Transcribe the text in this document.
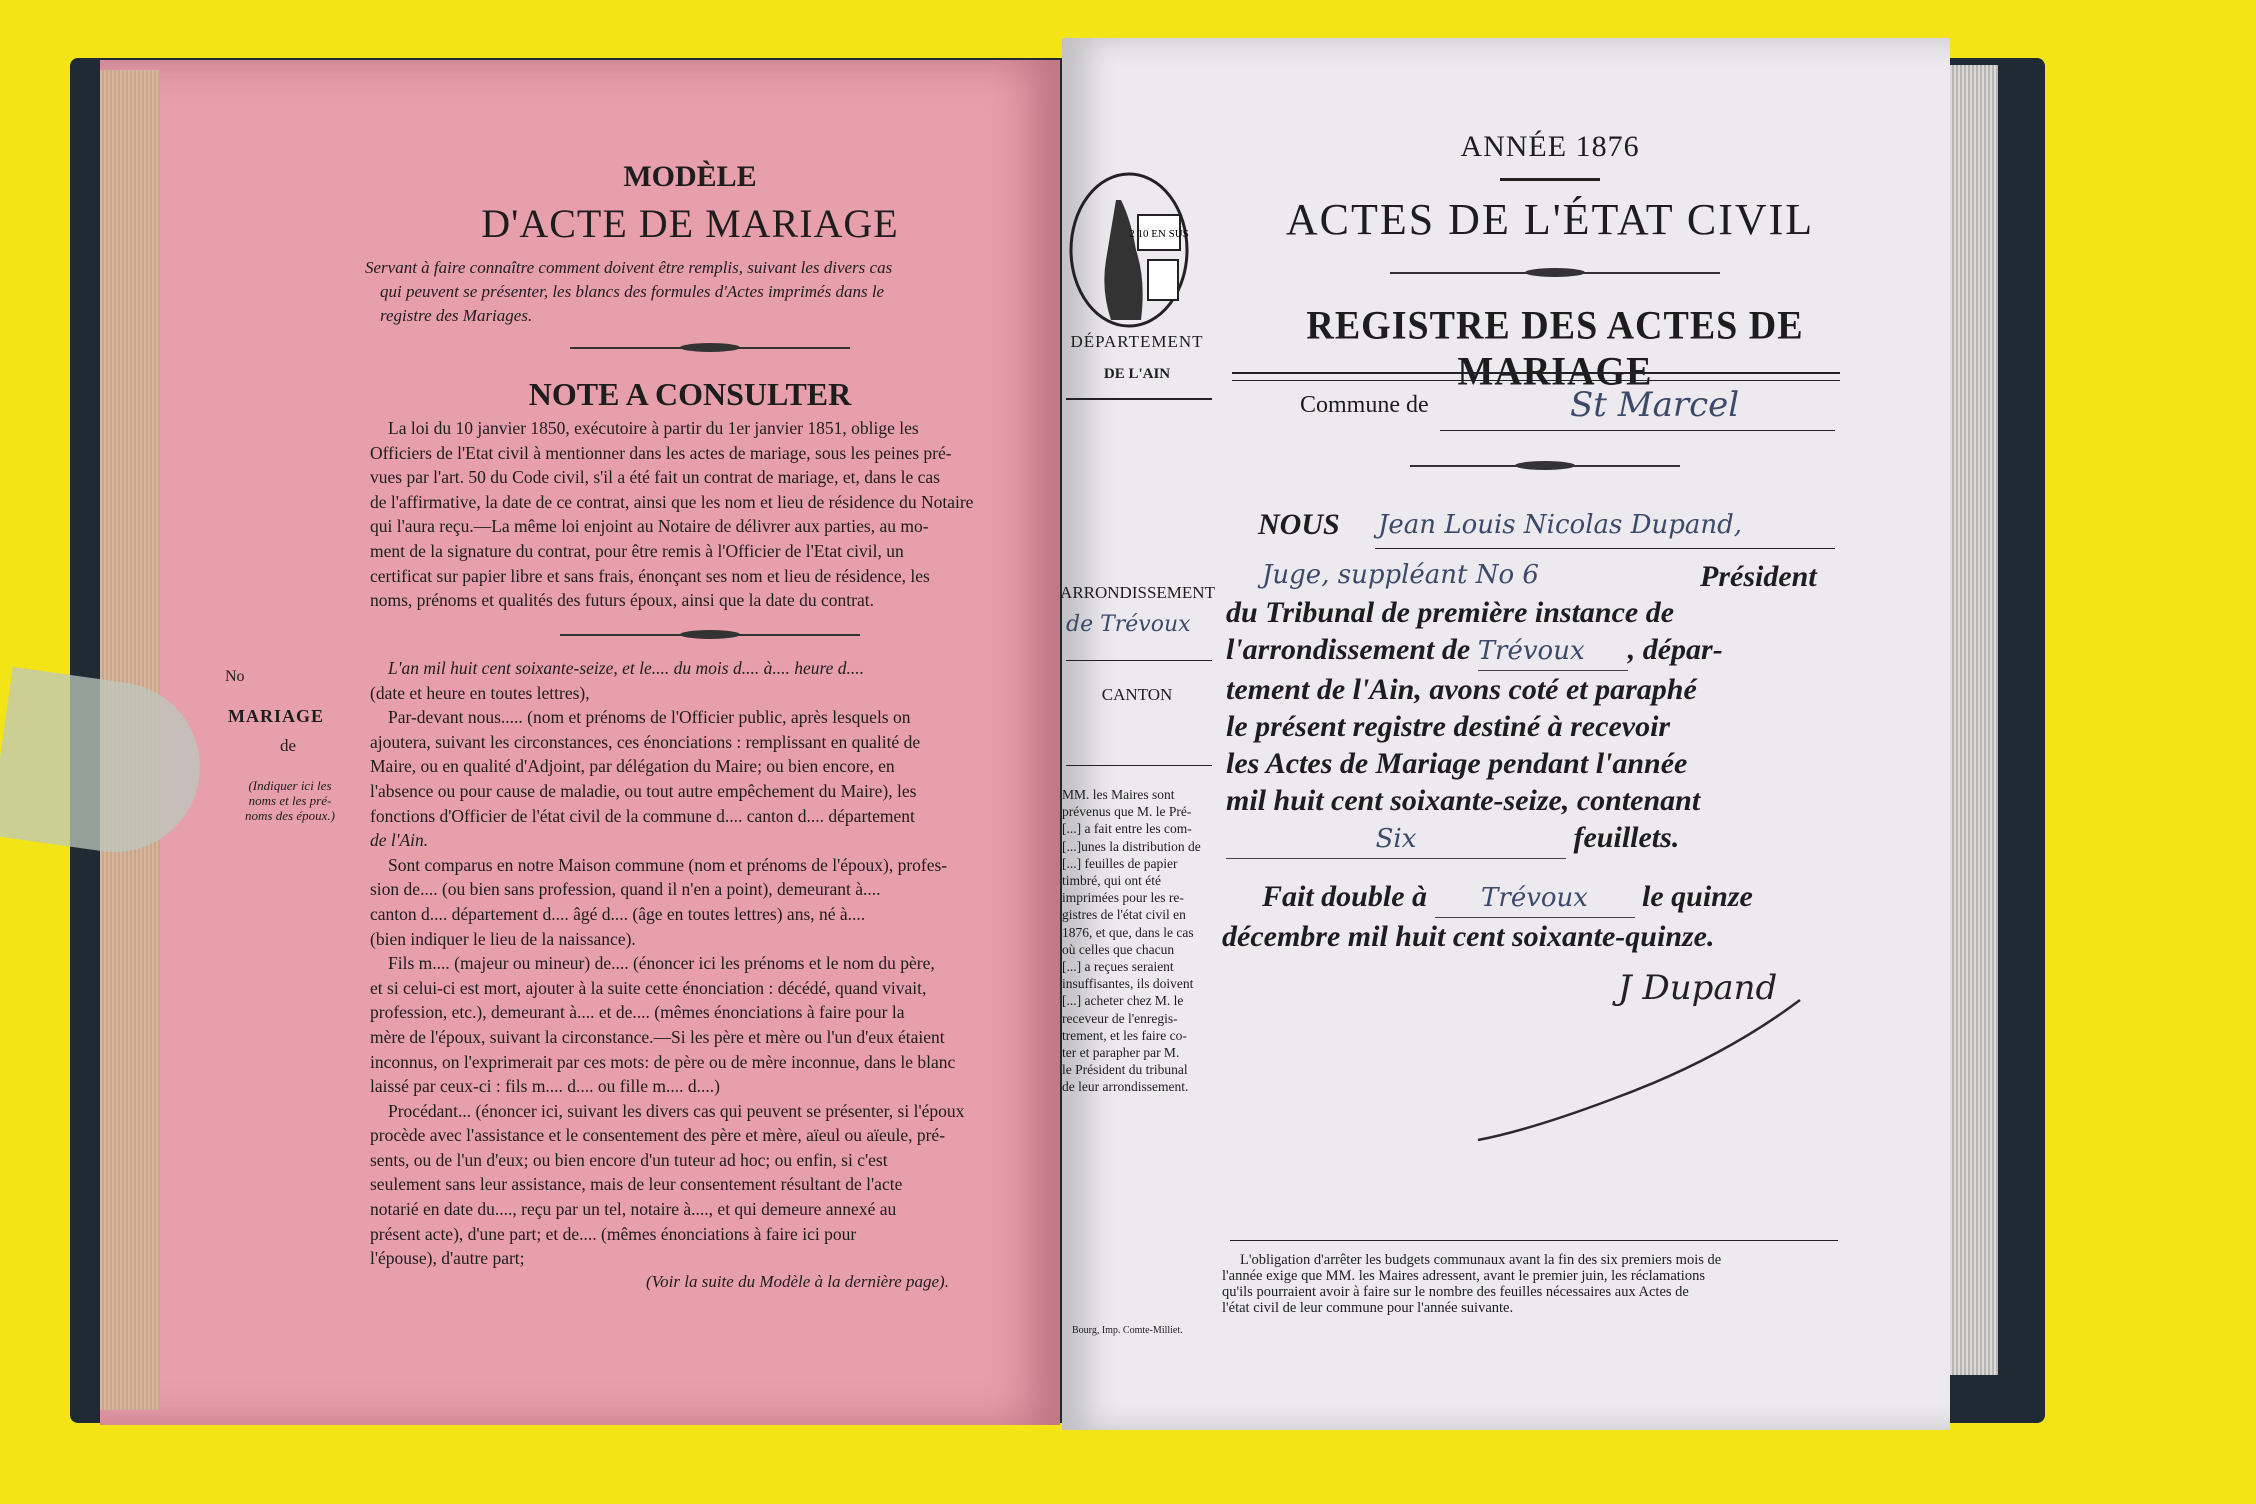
MODÈLE
D'ACTE DE MARIAGE
Servant à faire connaître comment doivent être remplis, suivant les divers cas
qui peuvent se présenter, les blancs des formules d'Actes imprimés dans le
registre des Mariages.
NOTE A CONSULTER
La loi du 10 janvier 1850, exécutoire à partir du 1er janvier 1851, oblige les
Officiers de l'Etat civil à mentionner dans les actes de mariage, sous les peines pré-
vues par l'art. 50 du Code civil, s'il a été fait un contrat de mariage, et, dans le cas
de l'affirmative, la date de ce contrat, ainsi que les nom et lieu de résidence du Notaire
qui l'aura reçu.—La même loi enjoint au Notaire de délivrer aux parties, au mo-
ment de la signature du contrat, pour être remis à l'Officier de l'Etat civil, un
certificat sur papier libre et sans frais, énonçant ses nom et lieu de résidence, les
noms, prénoms et qualités des futurs époux, ainsi que la date du contrat.
No
MARIAGE
de
(Indiquer ici les
noms et les pré-
noms des époux.)
L'an mil huit cent soixante-seize, et le.... du mois d.... à.... heure d....
(date et heure en toutes lettres),
Par-devant nous..... (nom et prénoms de l'Officier public, après lesquels on
ajoutera, suivant les circonstances, ces énonciations : remplissant en qualité de
Maire, ou en qualité d'Adjoint, par délégation du Maire; ou bien encore, en
l'absence ou pour cause de maladie, ou tout autre empêchement du Maire), les
fonctions d'Officier de l'état civil de la commune d.... canton d.... département
de l'Ain.
Sont comparus en notre Maison commune (nom et prénoms de l'époux), profes-
sion de.... (ou bien sans profession, quand il n'en a point), demeurant à....
canton d.... département d.... âgé d.... (âge en toutes lettres) ans, né à....
(bien indiquer le lieu de la naissance).
Fils m.... (majeur ou mineur) de.... (énoncer ici les prénoms et le nom du père,
et si celui-ci est mort, ajouter à la suite cette énonciation : décédé, quand vivait,
profession, etc.), demeurant à.... et de.... (mêmes énonciations à faire pour la
mère de l'époux, suivant la circonstance.—Si les père et mère ou l'un d'eux étaient
inconnus, on l'exprimerait par ces mots: de père ou de mère inconnue, dans le blanc
laissé par ceux-ci : fils m.... d.... ou fille m.... d....)
Procédant... (énoncer ici, suivant les divers cas qui peuvent se présenter, si l'époux
procède avec l'assistance et le consentement des père et mère, aïeul ou aïeule, pré-
sents, ou de l'un d'eux; ou bien encore d'un tuteur ad hoc; ou enfin, si c'est
seulement sans leur assistance, mais de leur consentement résultant de l'acte
notarié en date du...., reçu par un tel, notaire à...., et qui demeure annexé au
présent acte), d'une part; et de.... (mêmes énonciations à faire ici pour
l'épouse), d'autre part;
(Voir la suite du Modèle à la dernière page).
2 10 EN SUS
DÉPARTEMENT
DE L'AIN
ARRONDISSEMENT
de Trévoux
CANTON
MM. les Maires sont
prévenus que M. le Pré-
[...] a fait entre les com-
[...]unes la distribution de
[...] feuilles de papier
timbré, qui ont été
imprimées pour les re-
gistres de l'état civil en
1876, et que, dans le cas
où celles que chacun
[...] a reçues seraient
insuffisantes, ils doivent
[...] acheter chez M. le
receveur de l'enregis-
trement, et les faire co-
ter et parapher par M.
le Président du tribunal
de leur arrondissement.
ANNÉE 1876
ACTES DE L'ÉTAT CIVIL
REGISTRE DES ACTES DE MARIAGE
Commune de	St Marcel
NOUS Jean Louis Nicolas Dupand,
Juge, suppléant No 6	Président
du Tribunal de première instance de
l'arrondissement de Trévoux , dépar-
tement de l'Ain, avons coté et paraphé
le présent registre destiné à recevoir
les Actes de Mariage pendant l'année
mil huit cent soixante-seize, contenant
Six	feuillets.
Fait double à Trévoux le quinze
décembre mil huit cent soixante-quinze.
J Dupand
L'obligation d'arrêter les budgets communaux avant la fin des six premiers mois de
l'année exige que MM. les Maires adressent, avant le premier juin, les réclamations
qu'ils pourraient avoir à faire sur le nombre des feuilles nécessaires aux Actes de
l'état civil de leur commune pour l'année suivante.
Bourg, Imp. Comte-Milliet.
